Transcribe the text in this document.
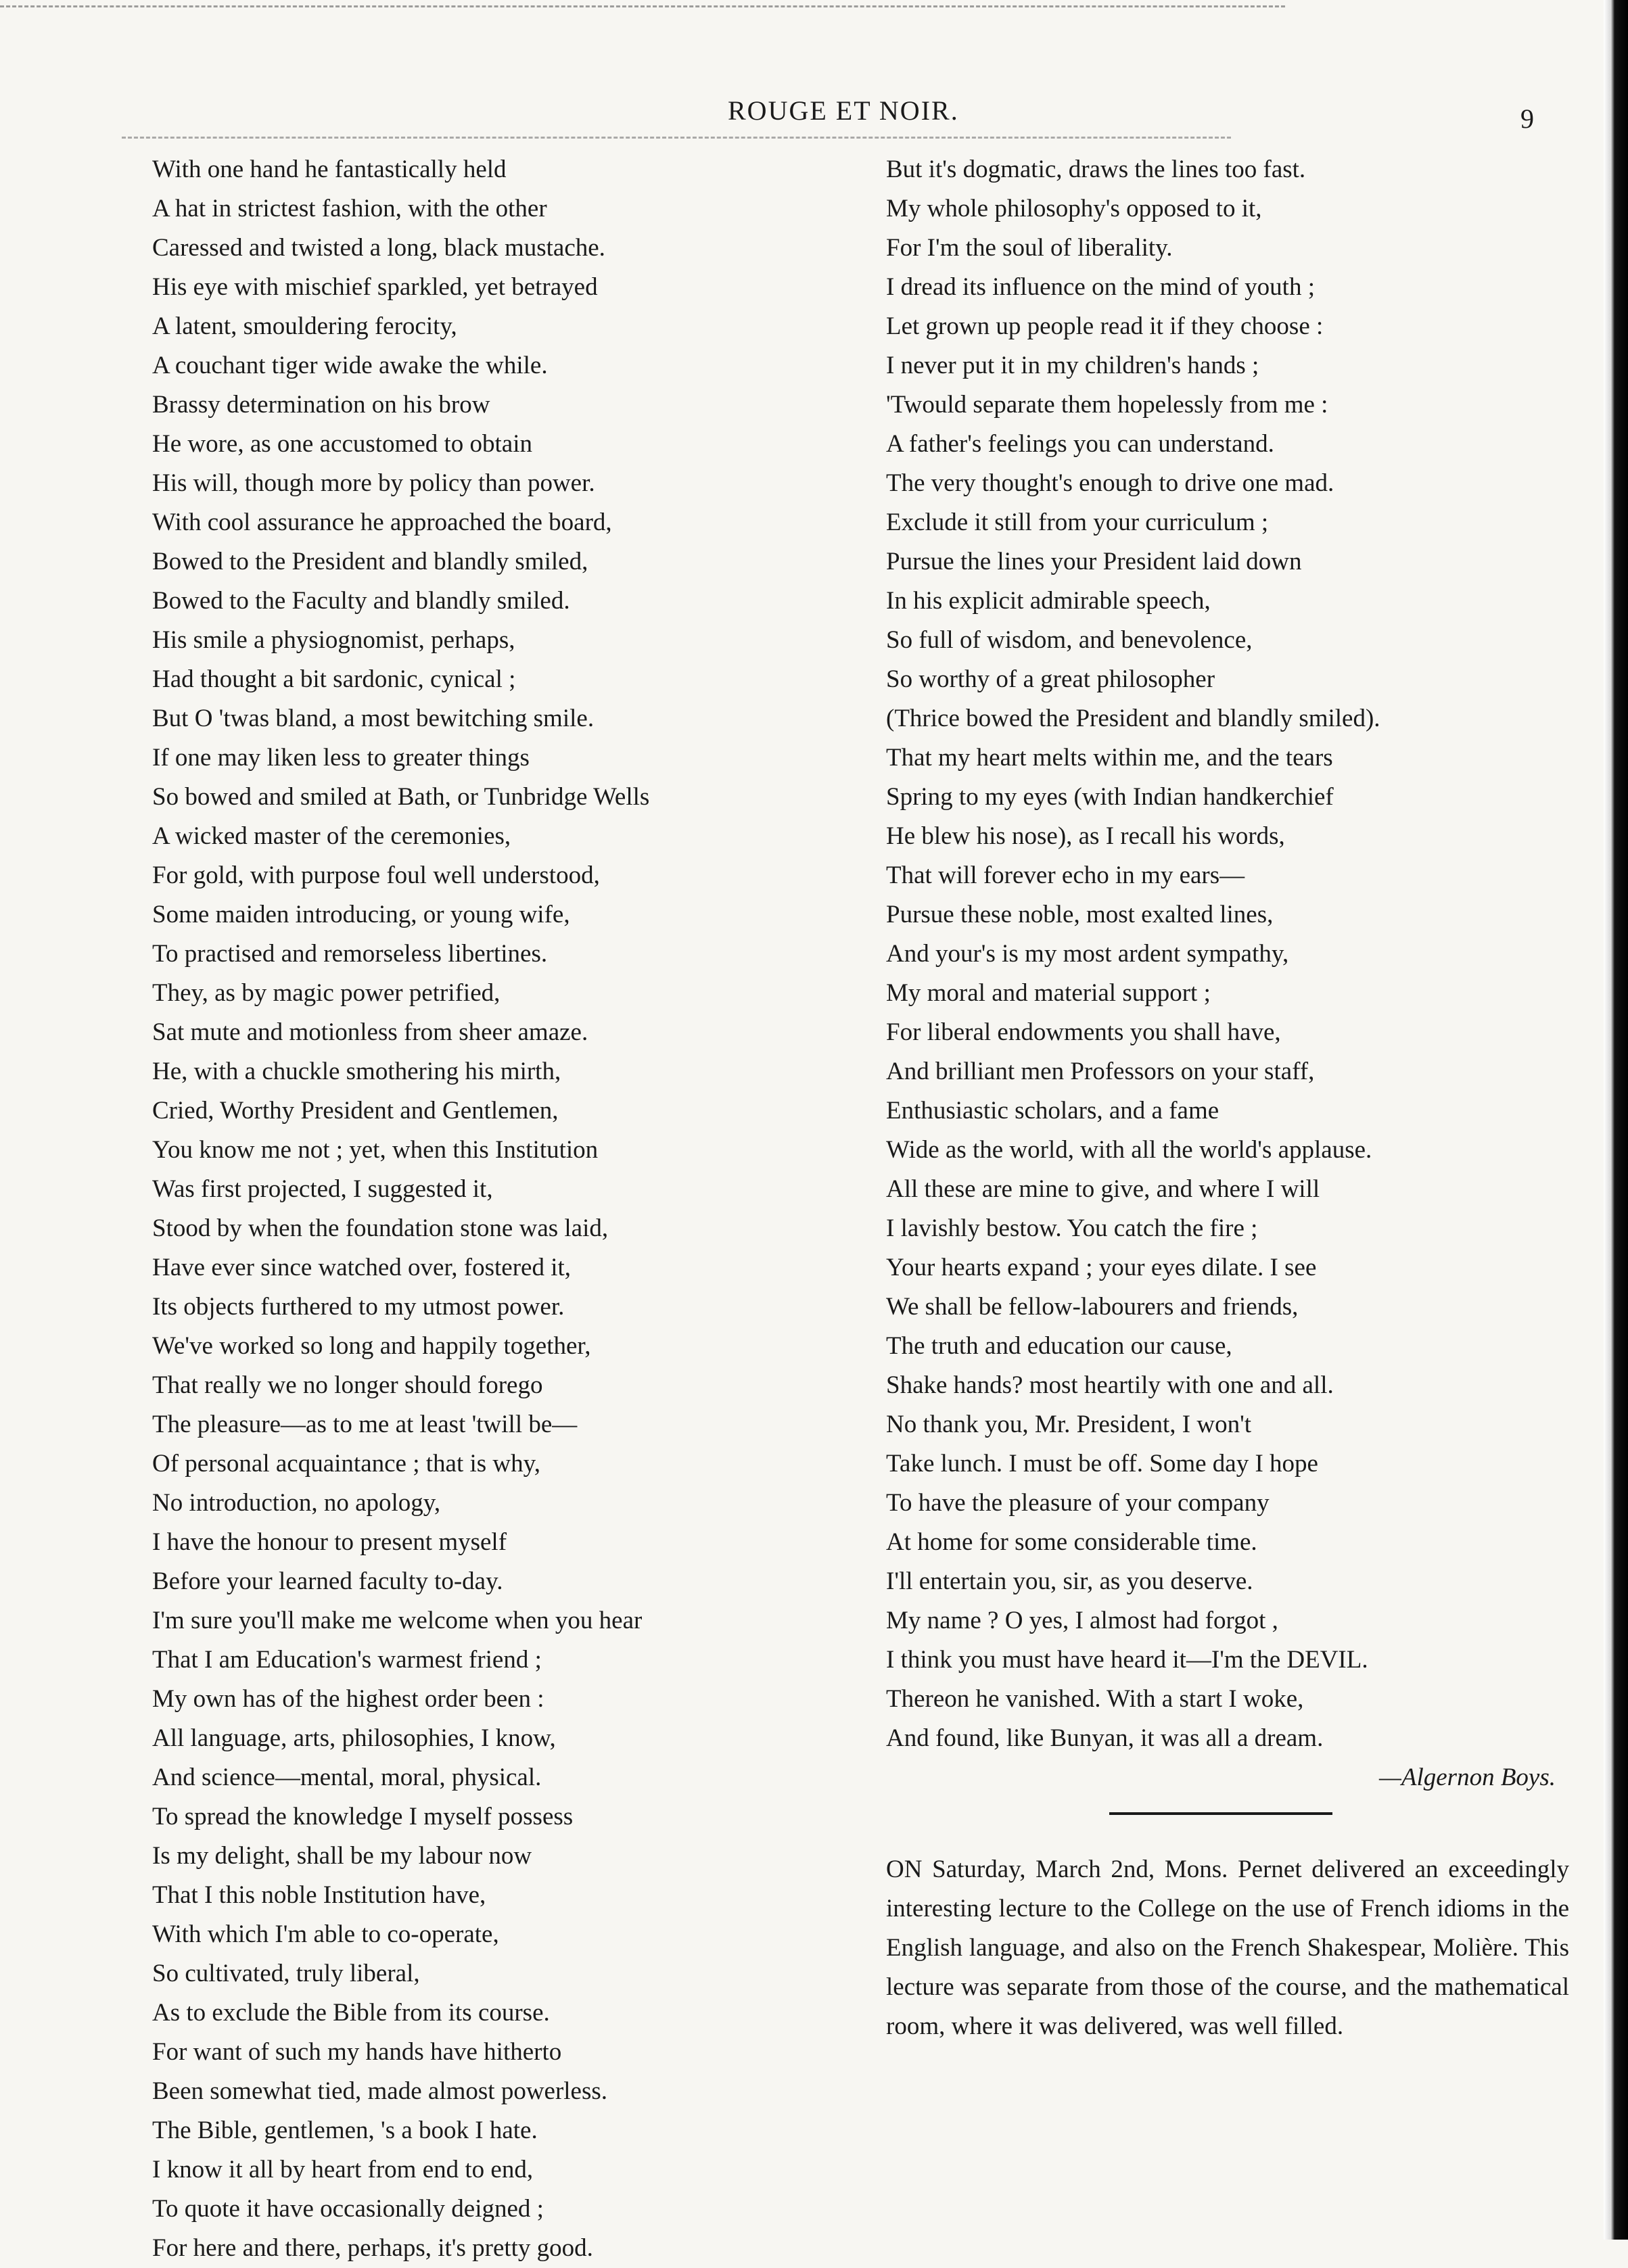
ROUGE ET NOIR.	9
With one hand he fantastically held
A hat in strictest fashion, with the other
Caressed and twisted a long, black mustache.
His eye with mischief sparkled, yet betrayed
A latent, smouldering ferocity,
A couchant tiger wide awake the while.
Brassy determination on his brow
He wore, as one accustomed to obtain
His will, though more by policy than power.
With cool assurance he approached the board,
Bowed to the President and blandly smiled,
Bowed to the Faculty and blandly smiled.
His smile a physiognomist, perhaps,
Had thought a bit sardonic, cynical ;
But O 'twas bland, a most bewitching smile.
If one may liken less to greater things
So bowed and smiled at Bath, or Tunbridge Wells
A wicked master of the ceremonies,
For gold, with purpose foul well understood,
Some maiden introducing, or young wife,
To practised and remorseless libertines.
They, as by magic power petrified,
Sat mute and motionless from sheer amaze.
He, with a chuckle smothering his mirth,
Cried, Worthy President and Gentlemen,
You know me not ; yet, when this Institution
Was first projected, I suggested it,
Stood by when the foundation stone was laid,
Have ever since watched over, fostered it,
Its objects furthered to my utmost power.
We've worked so long and happily together,
That really we no longer should forego
The pleasure—as to me at least 'twill be—
Of personal acquaintance ; that is why,
No introduction, no apology,
I have the honour to present myself
Before your learned faculty to-day.
I'm sure you'll make me welcome when you hear
That I am Education's warmest friend ;
My own has of the highest order been :
All language, arts, philosophies, I know,
And science—mental, moral, physical.
To spread the knowledge I myself possess
Is my delight, shall be my labour now
That I this noble Institution have,
With which I'm able to co-operate,
So cultivated, truly liberal,
As to exclude the Bible from its course.
For want of such my hands have hitherto
Been somewhat tied, made almost powerless.
The Bible, gentlemen, 's a book I hate.
I know it all by heart from end to end,
To quote it have occasionally deigned ;
For here and there, perhaps, it's pretty good.
But it's dogmatic, draws the lines too fast.
My whole philosophy's opposed to it,
For I'm the soul of liberality.
I dread its influence on the mind of youth ;
Let grown up people read it if they choose :
I never put it in my children's hands ;
'Twould separate them hopelessly from me :
A father's feelings you can understand.
The very thought's enough to drive one mad.
Exclude it still from your curriculum ;
Pursue the lines your President laid down
In his explicit admirable speech,
So full of wisdom, and benevolence,
So worthy of a great philosopher
(Thrice bowed the President and blandly smiled).
That my heart melts within me, and the tears
Spring to my eyes (with Indian handkerchief
He blew his nose), as I recall his words,
That will forever echo in my ears—
Pursue these noble, most exalted lines,
And your's is my most ardent sympathy,
My moral and material support ;
For liberal endowments you shall have,
And brilliant men Professors on your staff,
Enthusiastic scholars, and a fame
Wide as the world, with all the world's applause.
All these are mine to give, and where I will
I lavishly bestow. You catch the fire ;
Your hearts expand ; your eyes dilate. I see
We shall be fellow-labourers and friends,
The truth and education our cause,
Shake hands? most heartily with one and all.
No thank you, Mr. President, I won't
Take lunch. I must be off. Some day I hope
To have the pleasure of your company
At home for some considerable time.
I'll entertain you, sir, as you deserve.
My name ? O yes, I almost had forgot ,
I think you must have heard it—I'm the DEVIL.
Thereon he vanished. With a start I woke,
And found, like Bunyan, it was all a dream.
—Algernon Boys.
ON Saturday, March 2nd, Mons. Pernet delivered an exceedingly interesting lecture to the College on the use of French idioms in the English language, and also on the French Shakespear, Molière. This lecture was separate from those of the course, and the mathematical room, where it was delivered, was well filled.
